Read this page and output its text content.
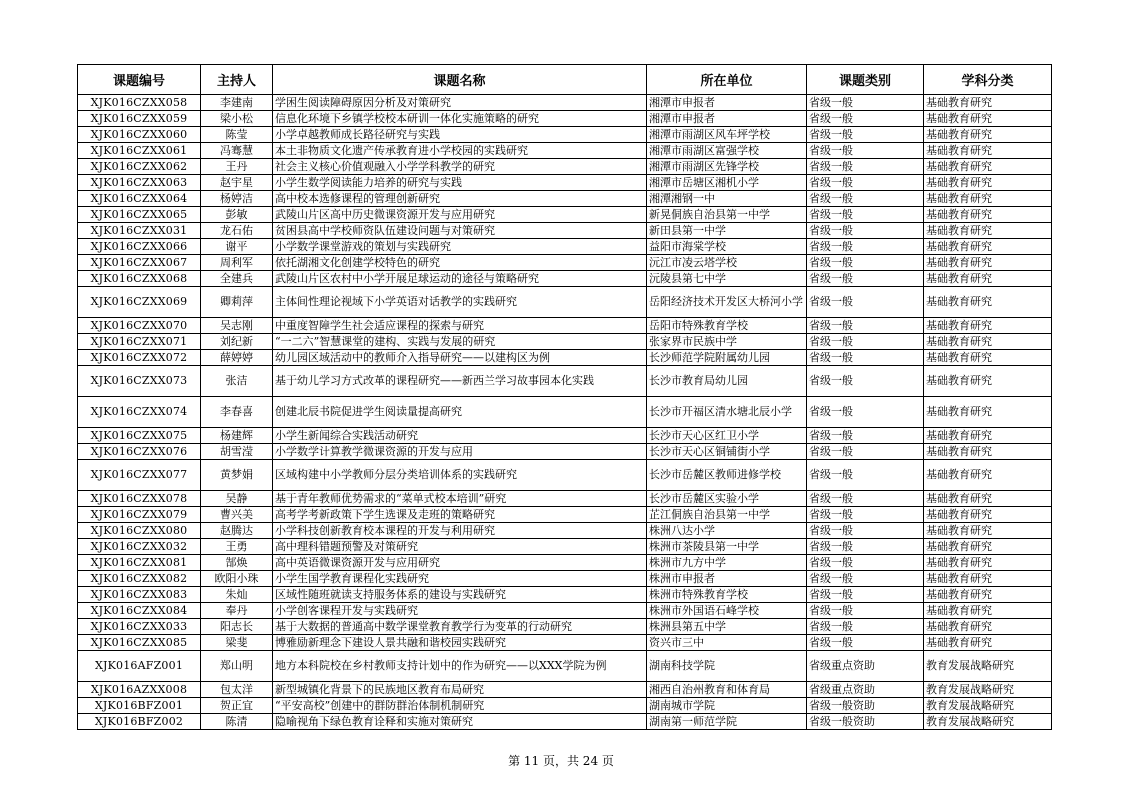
课题编号	主持人	课题名称	所在单位	课题类别	学科分类
XJK016CZXX058	李建南	学困生阅读障碍原因分析及对策研究	湘潭市申报者	省级一般	基础教育研究
XJK016CZXX059	梁小松	信息化环境下乡镇学校校本研训一体化实施策略的研究	湘潭市申报者	省级一般	基础教育研究
XJK016CZXX060	陈莹	小学卓越教师成长路径研究与实践	湘潭市雨湖区风车坪学校	省级一般	基础教育研究
XJK016CZXX061	冯骞慧	本土非物质文化遗产传承教育进小学校园的实践研究	湘潭市雨湖区富强学校	省级一般	基础教育研究
XJK016CZXX062	王丹	社会主义核心价值观融入小学学科教学的研究	湘潭市雨湖区先锋学校	省级一般	基础教育研究
XJK016CZXX063	赵宇星	小学生数学阅读能力培养的研究与实践	湘潭市岳塘区湘机小学	省级一般	基础教育研究
XJK016CZXX064	杨婷洁	高中校本选修课程的管理创新研究	湘潭湘钢一中	省级一般	基础教育研究
XJK016CZXX065	彭敏	武陵山片区高中历史微课资源开发与应用研究	新晃侗族自治县第一中学	省级一般	基础教育研究
XJK016CZXX031	龙石佑	贫困县高中学校师资队伍建设问题与对策研究	新田县第一中学	省级一般	基础教育研究
XJK016CZXX066	谢平	小学数学课堂游戏的策划与实践研究	益阳市海棠学校	省级一般	基础教育研究
XJK016CZXX067	周利军	依托湖湘文化创建学校特色的研究	沅江市凌云塔学校	省级一般	基础教育研究
XJK016CZXX068	全建兵	武陵山片区农村中小学开展足球运动的途径与策略研究	沅陵县第七中学	省级一般	基础教育研究
XJK016CZXX069	卿莉萍	主体间性理论视域下小学英语对话教学的实践研究	岳阳经济技术开发区大桥河小学	省级一般	基础教育研究
XJK016CZXX070	吴志刚	中重度智障学生社会适应课程的探索与研究	岳阳市特殊教育学校	省级一般	基础教育研究
XJK016CZXX071	刘纪新	“一二六”智慧课堂的建构、实践与发展的研究	张家界市民族中学	省级一般	基础教育研究
XJK016CZXX072	薛婷婷	幼儿园区域活动中的教师介入指导研究——以建构区为例	长沙师范学院附属幼儿园	省级一般	基础教育研究
XJK016CZXX073	张洁	基于幼儿学习方式改革的课程研究——新西兰学习故事园本化实践	长沙市教育局幼儿园	省级一般	基础教育研究
XJK016CZXX074	李春喜	创建北辰书院促进学生阅读量提高研究	长沙市开福区清水塘北辰小学	省级一般	基础教育研究
XJK016CZXX075	杨建辉	小学生新闻综合实践活动研究	长沙市天心区红卫小学	省级一般	基础教育研究
XJK016CZXX076	胡雪滢	小学数学计算教学微课资源的开发与应用	长沙市天心区铜铺街小学	省级一般	基础教育研究
XJK016CZXX077	黄梦娟	区域构建中小学教师分层分类培训体系的实践研究	长沙市岳麓区教师进修学校	省级一般	基础教育研究
XJK016CZXX078	吴静	基于青年教师优势需求的“菜单式校本培训”研究	长沙市岳麓区实验小学	省级一般	基础教育研究
XJK016CZXX079	曹兴美	高考学考新政策下学生选课及走班的策略研究	芷江侗族自治县第一中学	省级一般	基础教育研究
XJK016CZXX080	赵腾达	小学科技创新教育校本课程的开发与利用研究	株洲八达小学	省级一般	基础教育研究
XJK016CZXX032	王勇	高中理科错题预警及对策研究	株洲市茶陵县第一中学	省级一般	基础教育研究
XJK016CZXX081	郜焕	高中英语微课资源开发与应用研究	株洲市九方中学	省级一般	基础教育研究
XJK016CZXX082	欧阳小珠	小学生国学教育课程化实践研究	株洲市申报者	省级一般	基础教育研究
XJK016CZXX083	朱灿	区域性随班就读支持服务体系的建设与实践研究	株洲市特殊教育学校	省级一般	基础教育研究
XJK016CZXX084	奉丹	小学创客课程开发与实践研究	株洲市外国语石峰学校	省级一般	基础教育研究
XJK016CZXX033	阳志长	基于大数据的普通高中数学课堂教育教学行为变革的行动研究	株洲县第五中学	省级一般	基础教育研究
XJK016CZXX085	梁斐	博雅励新理念下建设人景共融和谐校园实践研究	资兴市三中	省级一般	基础教育研究
XJK016AFZ001	郑山明	地方本科院校在乡村教师支持计划中的作为研究——以XXX学院为例	湖南科技学院	省级重点资助	教育发展战略研究
XJK016AZXX008	包太洋	新型城镇化背景下的民族地区教育布局研究	湘西自治州教育和体育局	省级重点资助	教育发展战略研究
XJK016BFZ001	贺正宜	“平安高校”创建中的群防群治体制机制研究	湖南城市学院	省级一般资助	教育发展战略研究
XJK016BFZ002	陈清	隐喻视角下绿色教育诠释和实施对策研究	湖南第一师范学院	省级一般资助	教育发展战略研究
第 11 页，共 24 页
